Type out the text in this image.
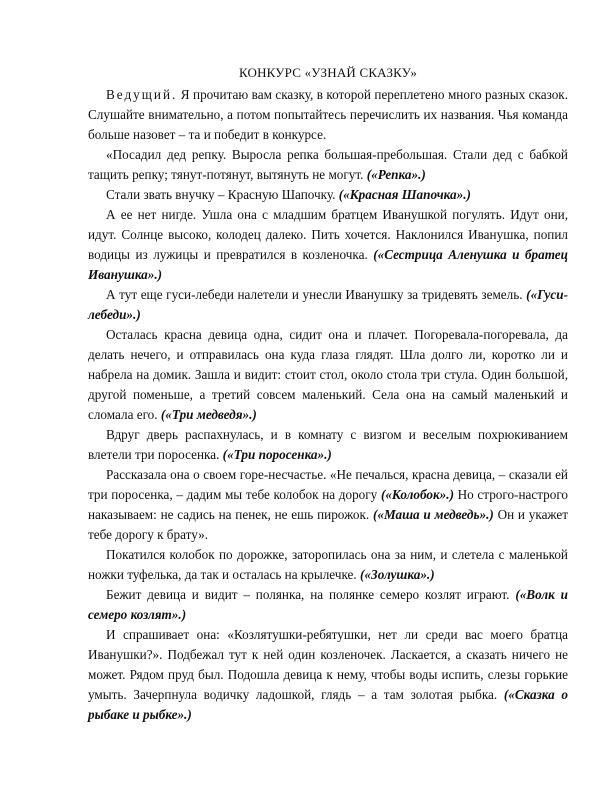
КОНКУРС «УЗНАЙ СКАЗКУ»

Ведущий. Я прочитаю вам сказку, в которой переплетено много разных сказок. Слушайте внимательно, а потом попытайтесь перечислить их названия. Чья команда больше назовет – та и победит в конкурсе.

«Посадил дед репку. Выросла репка большая-пребольшая. Стали дед с бабкой тащить репку; тянут-потянут, вытянуть не могут. («Репка».)

Стали звать внучку – Красную Шапочку. («Красная Шапочка».)

А ее нет нигде. Ушла она с младшим братцем Иванушкой погулять. Идут они, идут. Солнце высоко, колодец далеко. Пить хочется. Наклонился Иванушка, попил водицы из лужицы и превратился в козленочка. («Сестрица Аленушка и братец Иванушка».)

А тут еще гуси-лебеди налетели и унесли Иванушку за тридевять земель. («Гуси-лебеди».)

Осталась красна девица одна, сидит она и плачет. Погоревала-погоревала, да делать нечего, и отправилась она куда глаза глядят. Шла долго ли, коротко ли и набрела на домик. Зашла и видит: стоит стол, около стола три стула. Один большой, другой поменьше, а третий совсем маленький. Села она на самый маленький и сломала его. («Три медведя».)

Вдруг дверь распахнулась, и в комнату с визгом и веселым похрюкиванием влетели три поросенка. («Три поросенка».)

Рассказала она о своем горе-несчастье. «Не печалься, красна девица, – сказали ей три поросенка, – дадим мы тебе колобок на дорогу («Колобок».) Но строго-настрого наказываем: не садись на пенек, не ешь пирожок. («Маша и медведь».) Он и укажет тебе дорогу к брату».

Покатился колобок по дорожке, заторопилась она за ним, и слетела с маленькой ножки туфелька, да так и осталась на крылечке. («Золушка».)

Бежит девица и видит – полянка, на полянке семеро козлят играют. («Волк и семеро козлят».)

И спрашивает она: «Козлятушки-ребятушки, нет ли среди вас моего братца Иванушки?». Подбежал тут к ней один козленочек. Ласкается, а сказать ничего не может. Рядом пруд был. Подошла девица к нему, чтобы воды испить, слезы горькие умыть. Зачерпнула водичку ладошкой, глядь – а там золотая рыбка. («Сказка о рыбаке и рыбке».)
